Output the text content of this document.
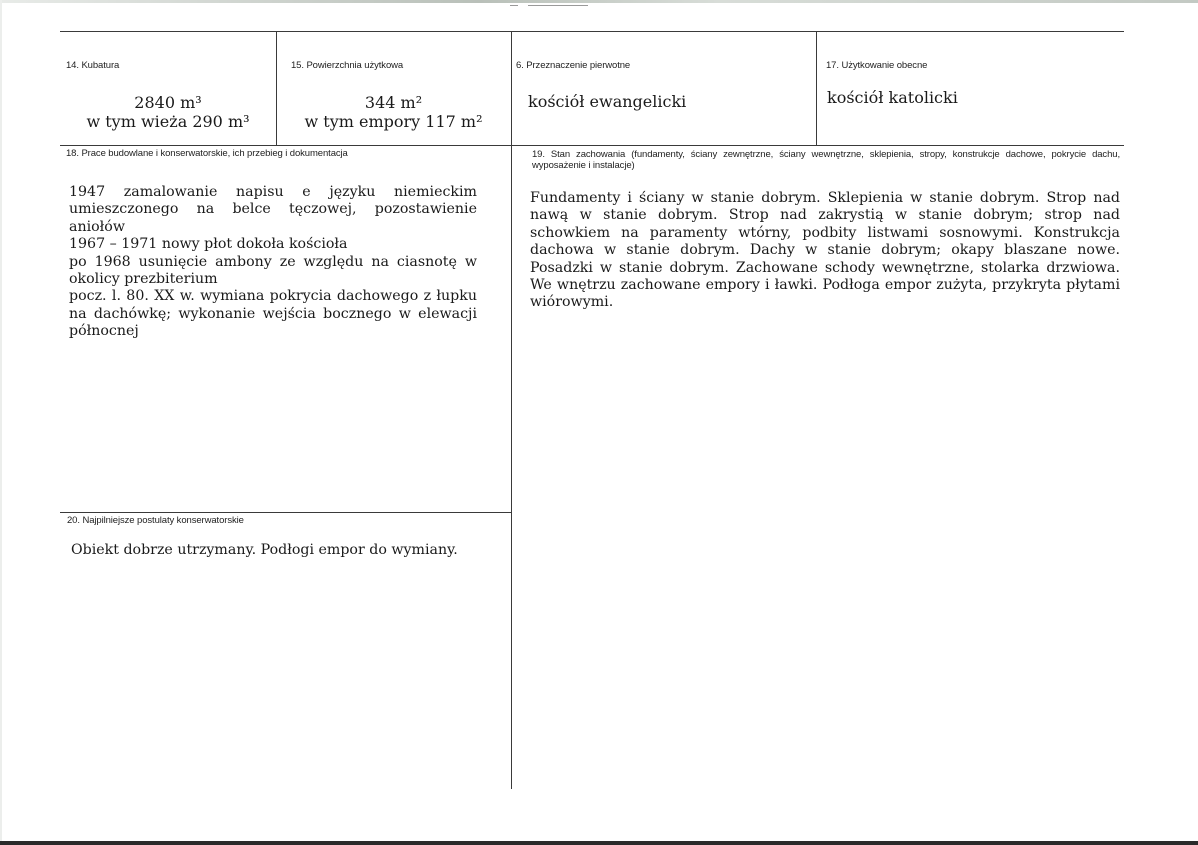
14. Kubatura
2840 m³
w tym wieża 290 m³
15. Powierzchnia użytkowa
344 m²
w tym empory 117 m²
6. Przeznaczenie pierwotne
kościół ewangelicki
17. Użytkowanie obecne
kościół katolicki
18. Prace budowlane i konserwatorskie, ich przebieg i dokumentacja
1947 zamalowanie napisu e języku niemieckim umieszczonego na belce tęczowej, pozostawienie aniołów
1967 – 1971 nowy płot dokoła kościoła
po 1968 usunięcie ambony ze względu na ciasnotę w okolicy prezbiterium
pocz. l. 80. XX w. wymiana pokrycia dachowego z łupku na dachówkę; wykonanie wejścia bocznego w elewacji północnej
19. Stan zachowania (fundamenty, ściany zewnętrzne, ściany wewnętrzne, sklepienia, stropy, konstrukcje dachowe, pokrycie dachu, wyposażenie i instalacje)
Fundamenty i ściany w stanie dobrym. Sklepienia w stanie dobrym. Strop nad nawą w stanie dobrym. Strop nad zakrystią w stanie dobrym; strop nad schowkiem na paramenty wtórny, podbity listwami sosnowymi. Konstrukcja dachowa w stanie dobrym. Dachy w stanie dobrym; okapy blaszane nowe. Posadzki w stanie dobrym. Zachowane schody wewnętrzne, stolarka drzwiowa. We wnętrzu zachowane empory i ławki. Podłoga empor zużyta, przykryta płytami wiórowymi.
20. Najpilniejsze postulaty konserwatorskie
Obiekt dobrze utrzymany. Podłogi empor do wymiany.
